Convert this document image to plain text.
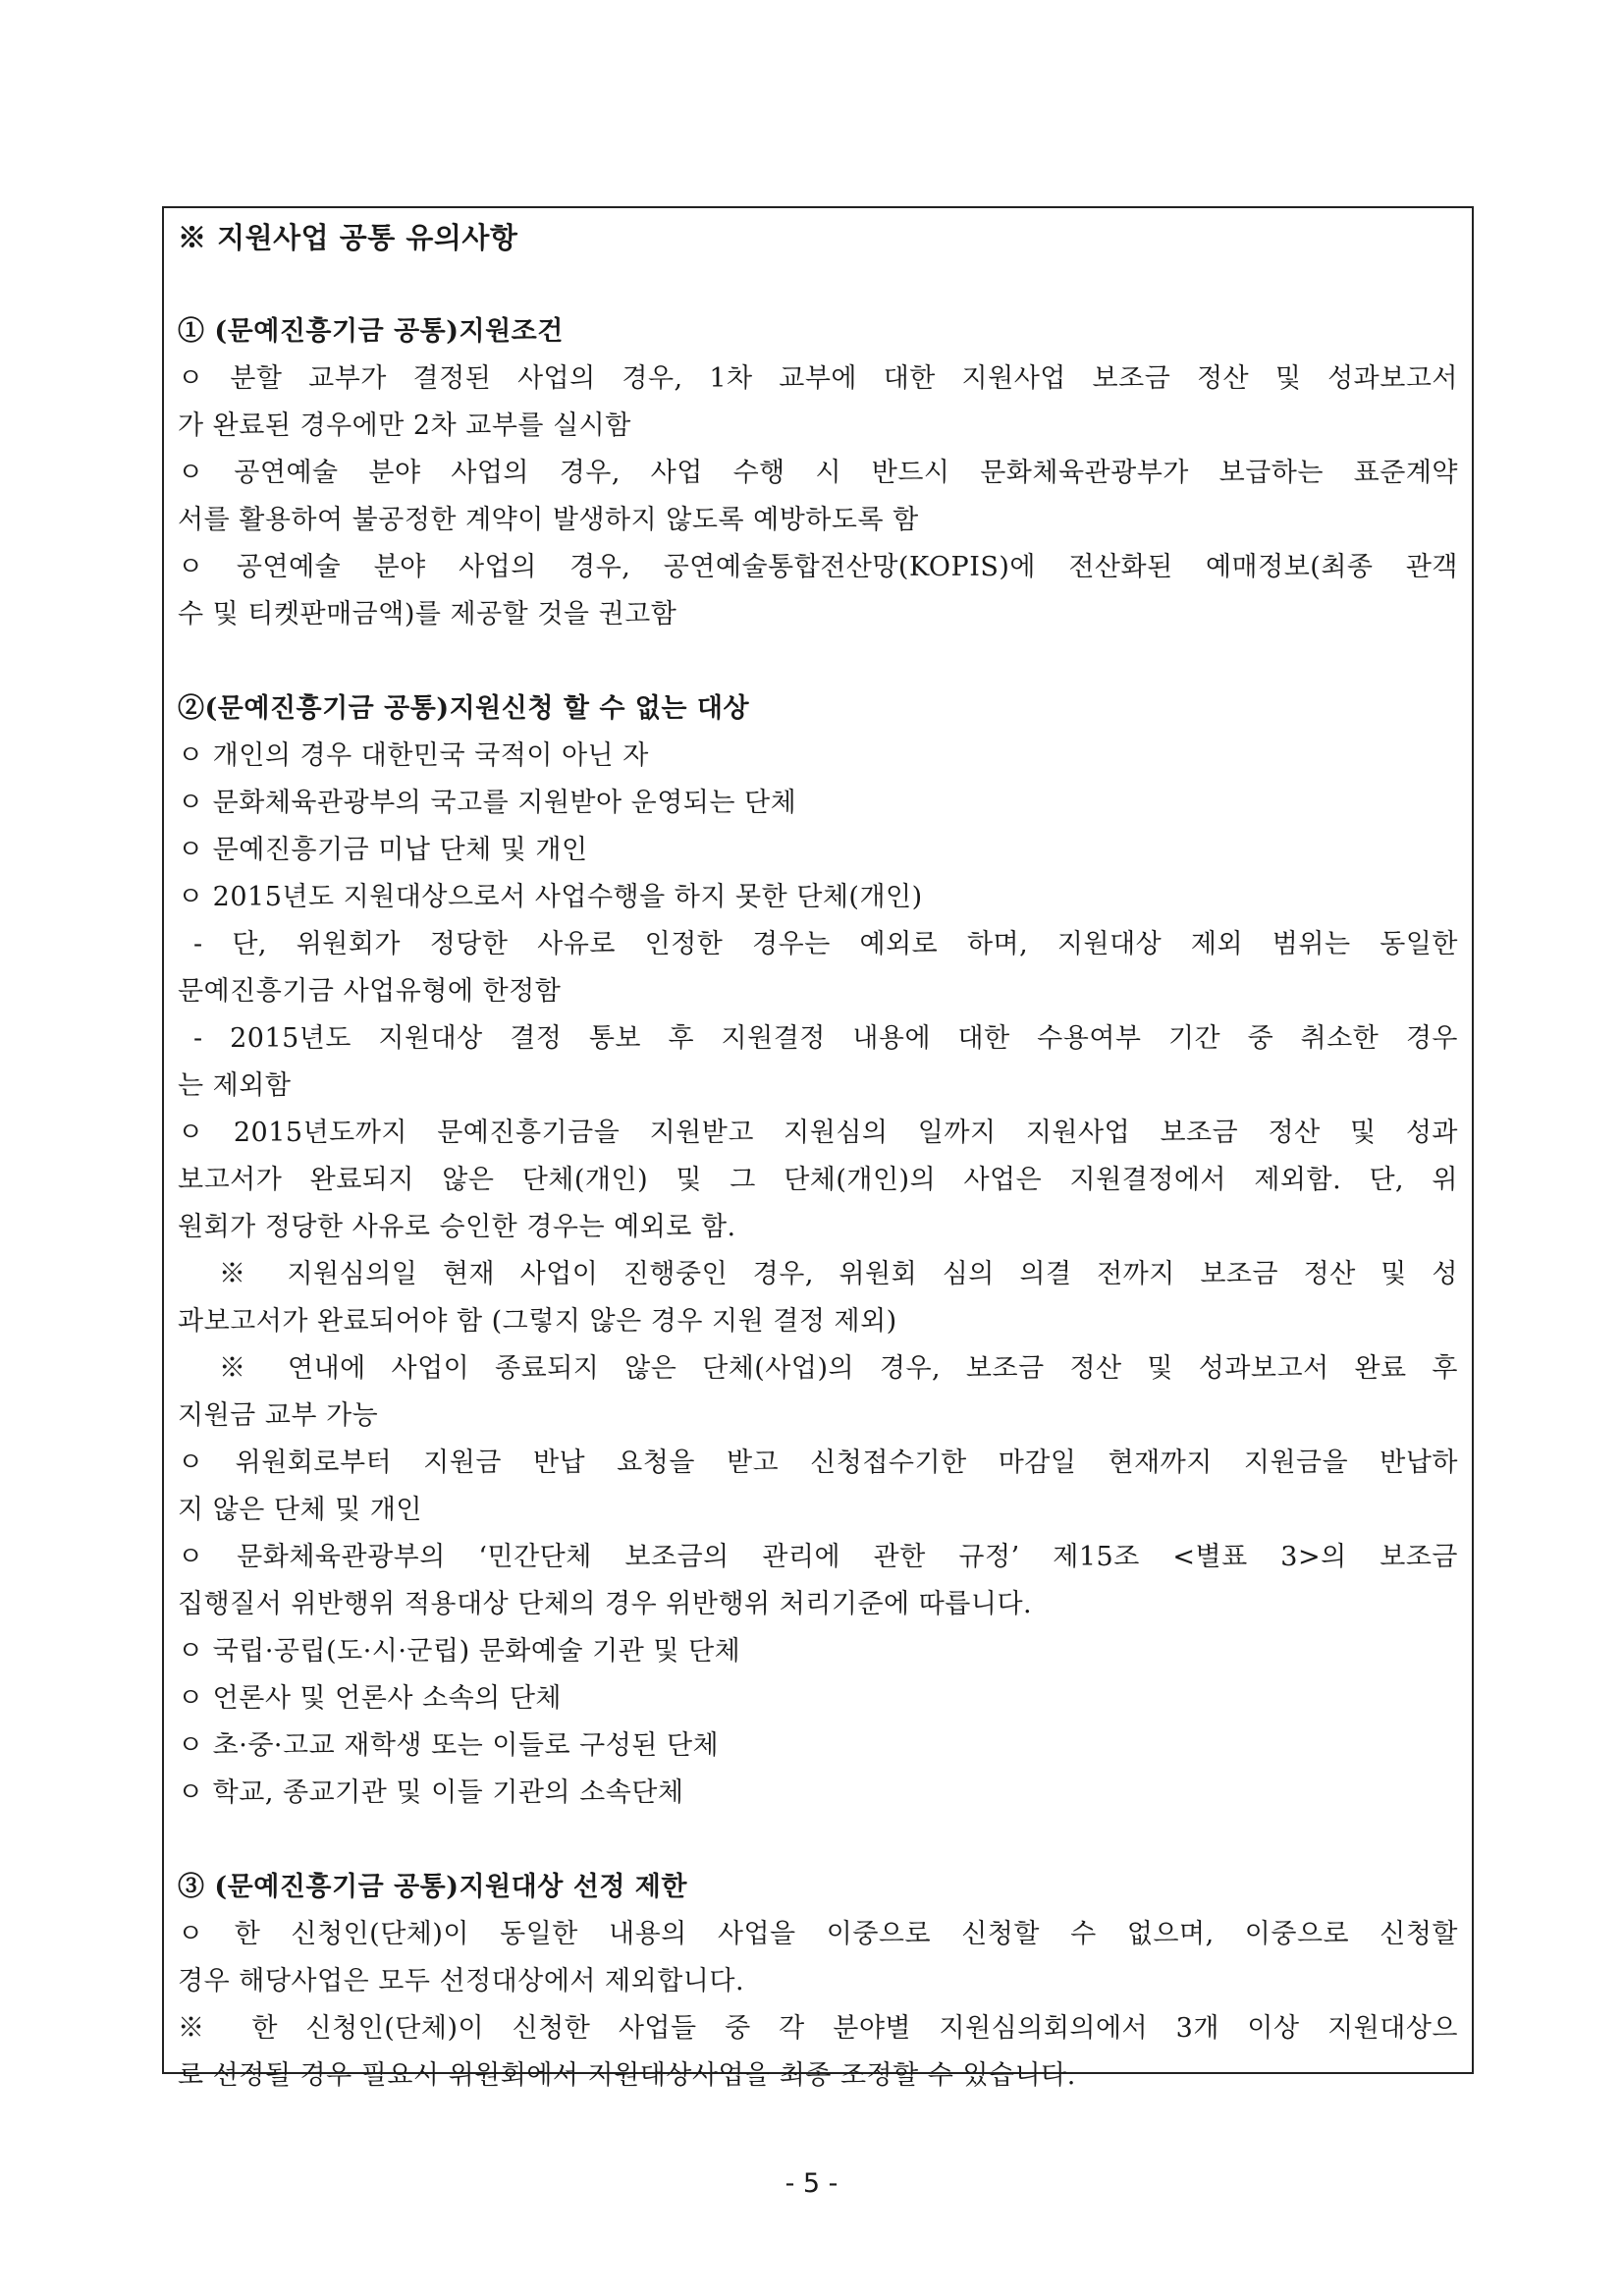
※ 지원사업 공통 유의사항
① (문예진흥기금 공통)지원조건
ㅇ 분할 교부가 결정된 사업의 경우, 1차 교부에 대한 지원사업 보조금 정산 및 성과보고서
가 완료된 경우에만 2차 교부를 실시함
ㅇ 공연예술 분야 사업의 경우, 사업 수행 시 반드시 문화체육관광부가 보급하는 표준계약
서를 활용하여 불공정한 계약이 발생하지 않도록 예방하도록 함
ㅇ 공연예술 분야 사업의 경우, 공연예술통합전산망(KOPIS)에 전산화된 예매정보(최종 관객
수 및 티켓판매금액)를 제공할 것을 권고함
②(문예진흥기금 공통)지원신청 할 수 없는 대상
ㅇ 개인의 경우 대한민국 국적이 아닌 자
ㅇ 문화체육관광부의 국고를 지원받아 운영되는 단체
ㅇ 문예진흥기금 미납 단체 및 개인
ㅇ 2015년도 지원대상으로서 사업수행을 하지 못한 단체(개인)
- 단, 위원회가 정당한 사유로 인정한 경우는 예외로 하며, 지원대상 제외 범위는 동일한
문예진흥기금 사업유형에 한정함
- 2015년도 지원대상 결정 통보 후 지원결정 내용에 대한 수용여부 기간 중 취소한 경우
는 제외함
ㅇ 2015년도까지 문예진흥기금을 지원받고 지원심의 일까지 지원사업 보조금 정산 및 성과
보고서가 완료되지 않은 단체(개인) 및 그 단체(개인)의 사업은 지원결정에서 제외함. 단, 위
원회가 정당한 사유로 승인한 경우는 예외로 함.
※ 지원심의일 현재 사업이 진행중인 경우, 위원회 심의 의결 전까지 보조금 정산 및 성
과보고서가 완료되어야 함 (그렇지 않은 경우 지원 결정 제외)
※ 연내에 사업이 종료되지 않은 단체(사업)의 경우, 보조금 정산 및 성과보고서 완료 후
지원금 교부 가능
ㅇ 위원회로부터 지원금 반납 요청을 받고 신청접수기한 마감일 현재까지 지원금을 반납하
지 않은 단체 및 개인
ㅇ 문화체육관광부의 ‘민간단체 보조금의 관리에 관한 규정’ 제15조 <별표 3>의 보조금
집행질서 위반행위 적용대상 단체의 경우 위반행위 처리기준에 따릅니다.
ㅇ 국립·공립(도·시·군립) 문화예술 기관 및 단체
ㅇ 언론사 및 언론사 소속의 단체
ㅇ 초·중·고교 재학생 또는 이들로 구성된 단체
ㅇ 학교, 종교기관 및 이들 기관의 소속단체
③ (문예진흥기금 공통)지원대상 선정 제한
ㅇ 한 신청인(단체)이 동일한 내용의 사업을 이중으로 신청할 수 없으며, 이중으로 신청할
경우 해당사업은 모두 선정대상에서 제외합니다.
※ 한 신청인(단체)이 신청한 사업들 중 각 분야별 지원심의회의에서 3개 이상 지원대상으
로 선정될 경우 필요시 위원회에서 지원대상사업을 최종 조정할 수 있습니다.
- 5 -
